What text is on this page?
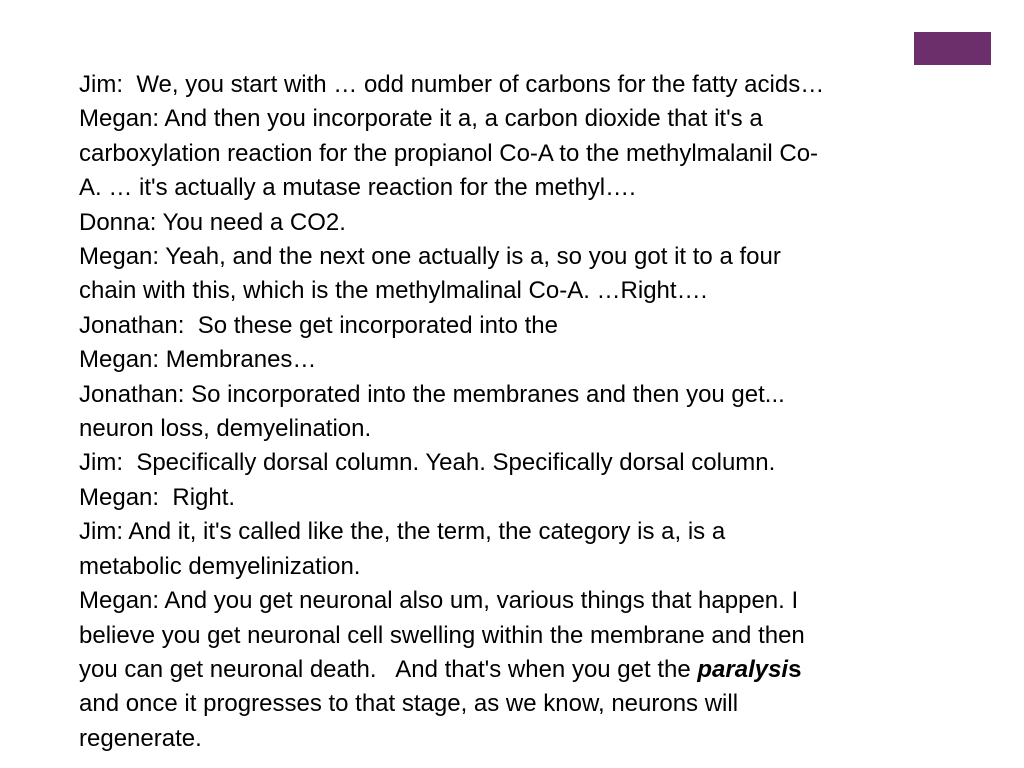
Jim:  We, you start with … odd number of carbons for the fatty acids…
Megan: And then you incorporate it a, a carbon dioxide that it's a
carboxylation reaction for the propianol Co-A to the methylmalanil Co-
A. … it's actually a mutase reaction for the methyl….
Donna: You need a CO2.
Megan: Yeah, and the next one actually is a, so you got it to a four
chain with this, which is the methylmalinal Co-A. …Right….
Jonathan:  So these get incorporated into the
Megan: Membranes…
Jonathan: So incorporated into the membranes and then you get...
neuron loss, demyelination.
Jim:  Specifically dorsal column. Yeah. Specifically dorsal column.
Megan:  Right.
Jim: And it, it's called like the, the term, the category is a, is a
metabolic demyelinization.
Megan: And you get neuronal also um, various things that happen. I
believe you get neuronal cell swelling within the membrane and then
you can get neuronal death.   And that's when you get the paralysis
and once it progresses to that stage, as we know, neurons will
regenerate.
